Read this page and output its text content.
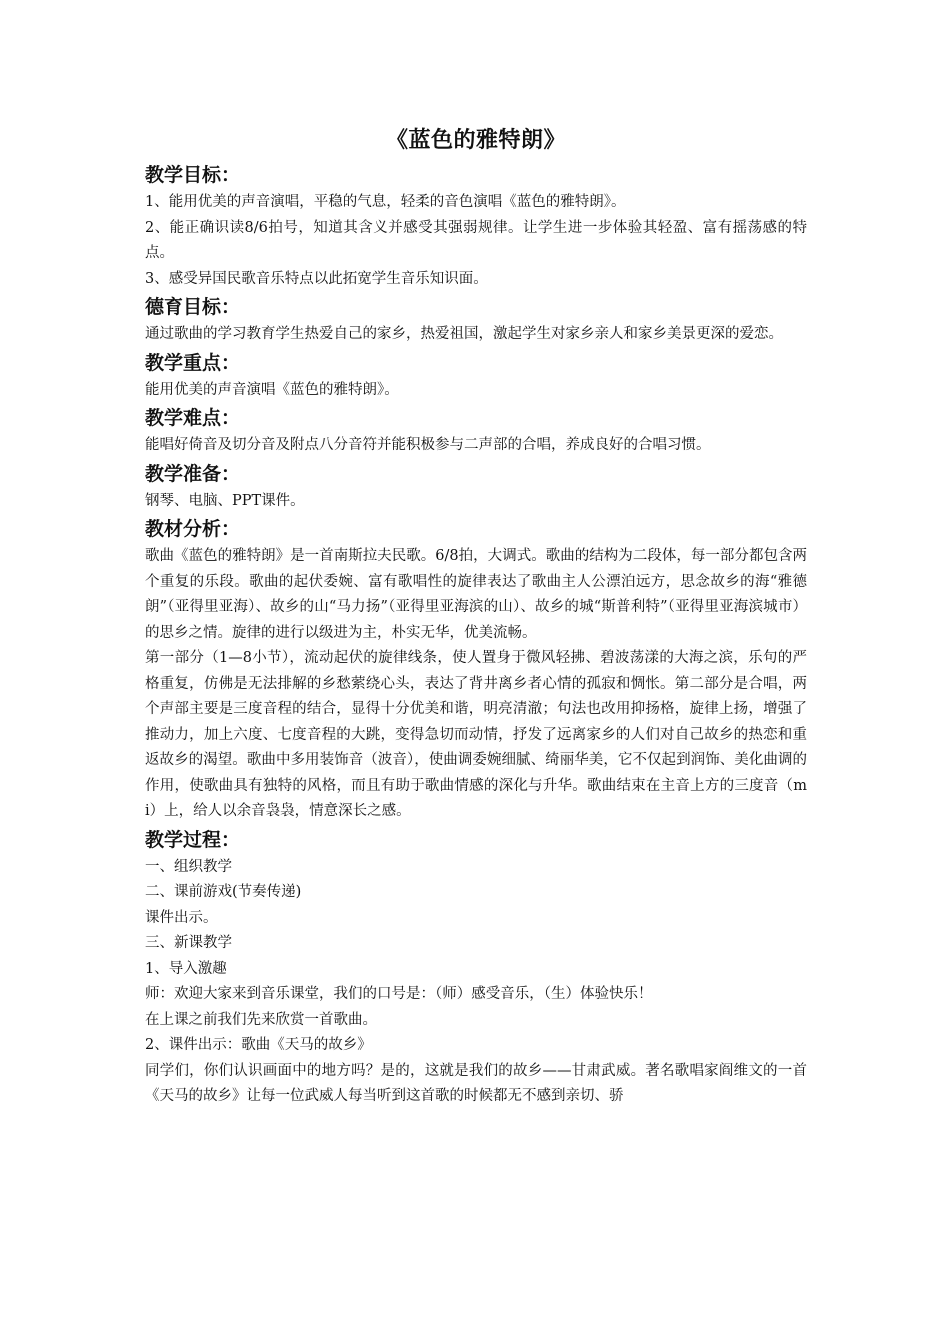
《蓝色的雅特朗》
教学目标：

1、能用优美的声音演唱，平稳的气息，轻柔的音色演唱《蓝色的雅特朗》。

2、能正确识读8/6拍号，知道其含义并感受其强弱规律。让学生进一步体验其轻盈、富有摇荡感的特点。

3、感受异国民歌音乐特点以此拓宽学生音乐知识面。

德育目标：

通过歌曲的学习教育学生热爱自己的家乡，热爱祖国，激起学生对家乡亲人和家乡美景更深的爱恋。

教学重点：

能用优美的声音演唱《蓝色的雅特朗》。

教学难点：

能唱好倚音及切分音及附点八分音符并能积极参与二声部的合唱，养成良好的合唱习惯。

教学准备：

钢琴、电脑、PPT课件。

教材分析：

歌曲《蓝色的雅特朗》是一首南斯拉夫民歌。6/8拍，大调式。歌曲的结构为二段体，每一部分都包含两个重复的乐段。歌曲的起伏委婉、富有歌唱性的旋律表达了歌曲主人公漂泊远方，思念故乡的海“雅德朗”（亚得里亚海）、故乡的山“马力扬”（亚得里亚海滨的山）、故乡的城“斯普利特”（亚得里亚海滨城市）的思乡之情。旋律的进行以级进为主，朴实无华，优美流畅。

第一部分（1—8小节），流动起伏的旋律线条，使人置身于微风轻拂、碧波荡漾的大海之滨，乐句的严格重复，仿佛是无法排解的乡愁萦绕心头，表达了背井离乡者心情的孤寂和惆怅。第二部分是合唱，两个声部主要是三度音程的结合，显得十分优美和谐，明亮清澈；句法也改用抑扬格，旋律上扬，增强了推动力，加上六度、七度音程的大跳，变得急切而动情，抒发了远离家乡的人们对自己故乡的热恋和重返故乡的渴望。歌曲中多用装饰音（波音），使曲调委婉细腻、绮丽华美，它不仅起到润饰、美化曲调的作用，使歌曲具有独特的风格，而且有助于歌曲情感的深化与升华。歌曲结束在主音上方的三度音（mi）上，给人以余音袅袅，情意深长之感。

教学过程：

一、组织教学

二、课前游戏(节奏传递)

课件出示。

三、新课教学

1、导入激趣

师：欢迎大家来到音乐课堂，我们的口号是：（师）感受音乐，（生）体验快乐！

在上课之前我们先来欣赏一首歌曲。

2、课件出示：歌曲《天马的故乡》

同学们，你们认识画面中的地方吗？是的，这就是我们的故乡——甘肃武威。著名歌唱家阎维文的一首《天马的故乡》让每一位武威人每当听到这首歌的时候都无不感到亲切、骄
